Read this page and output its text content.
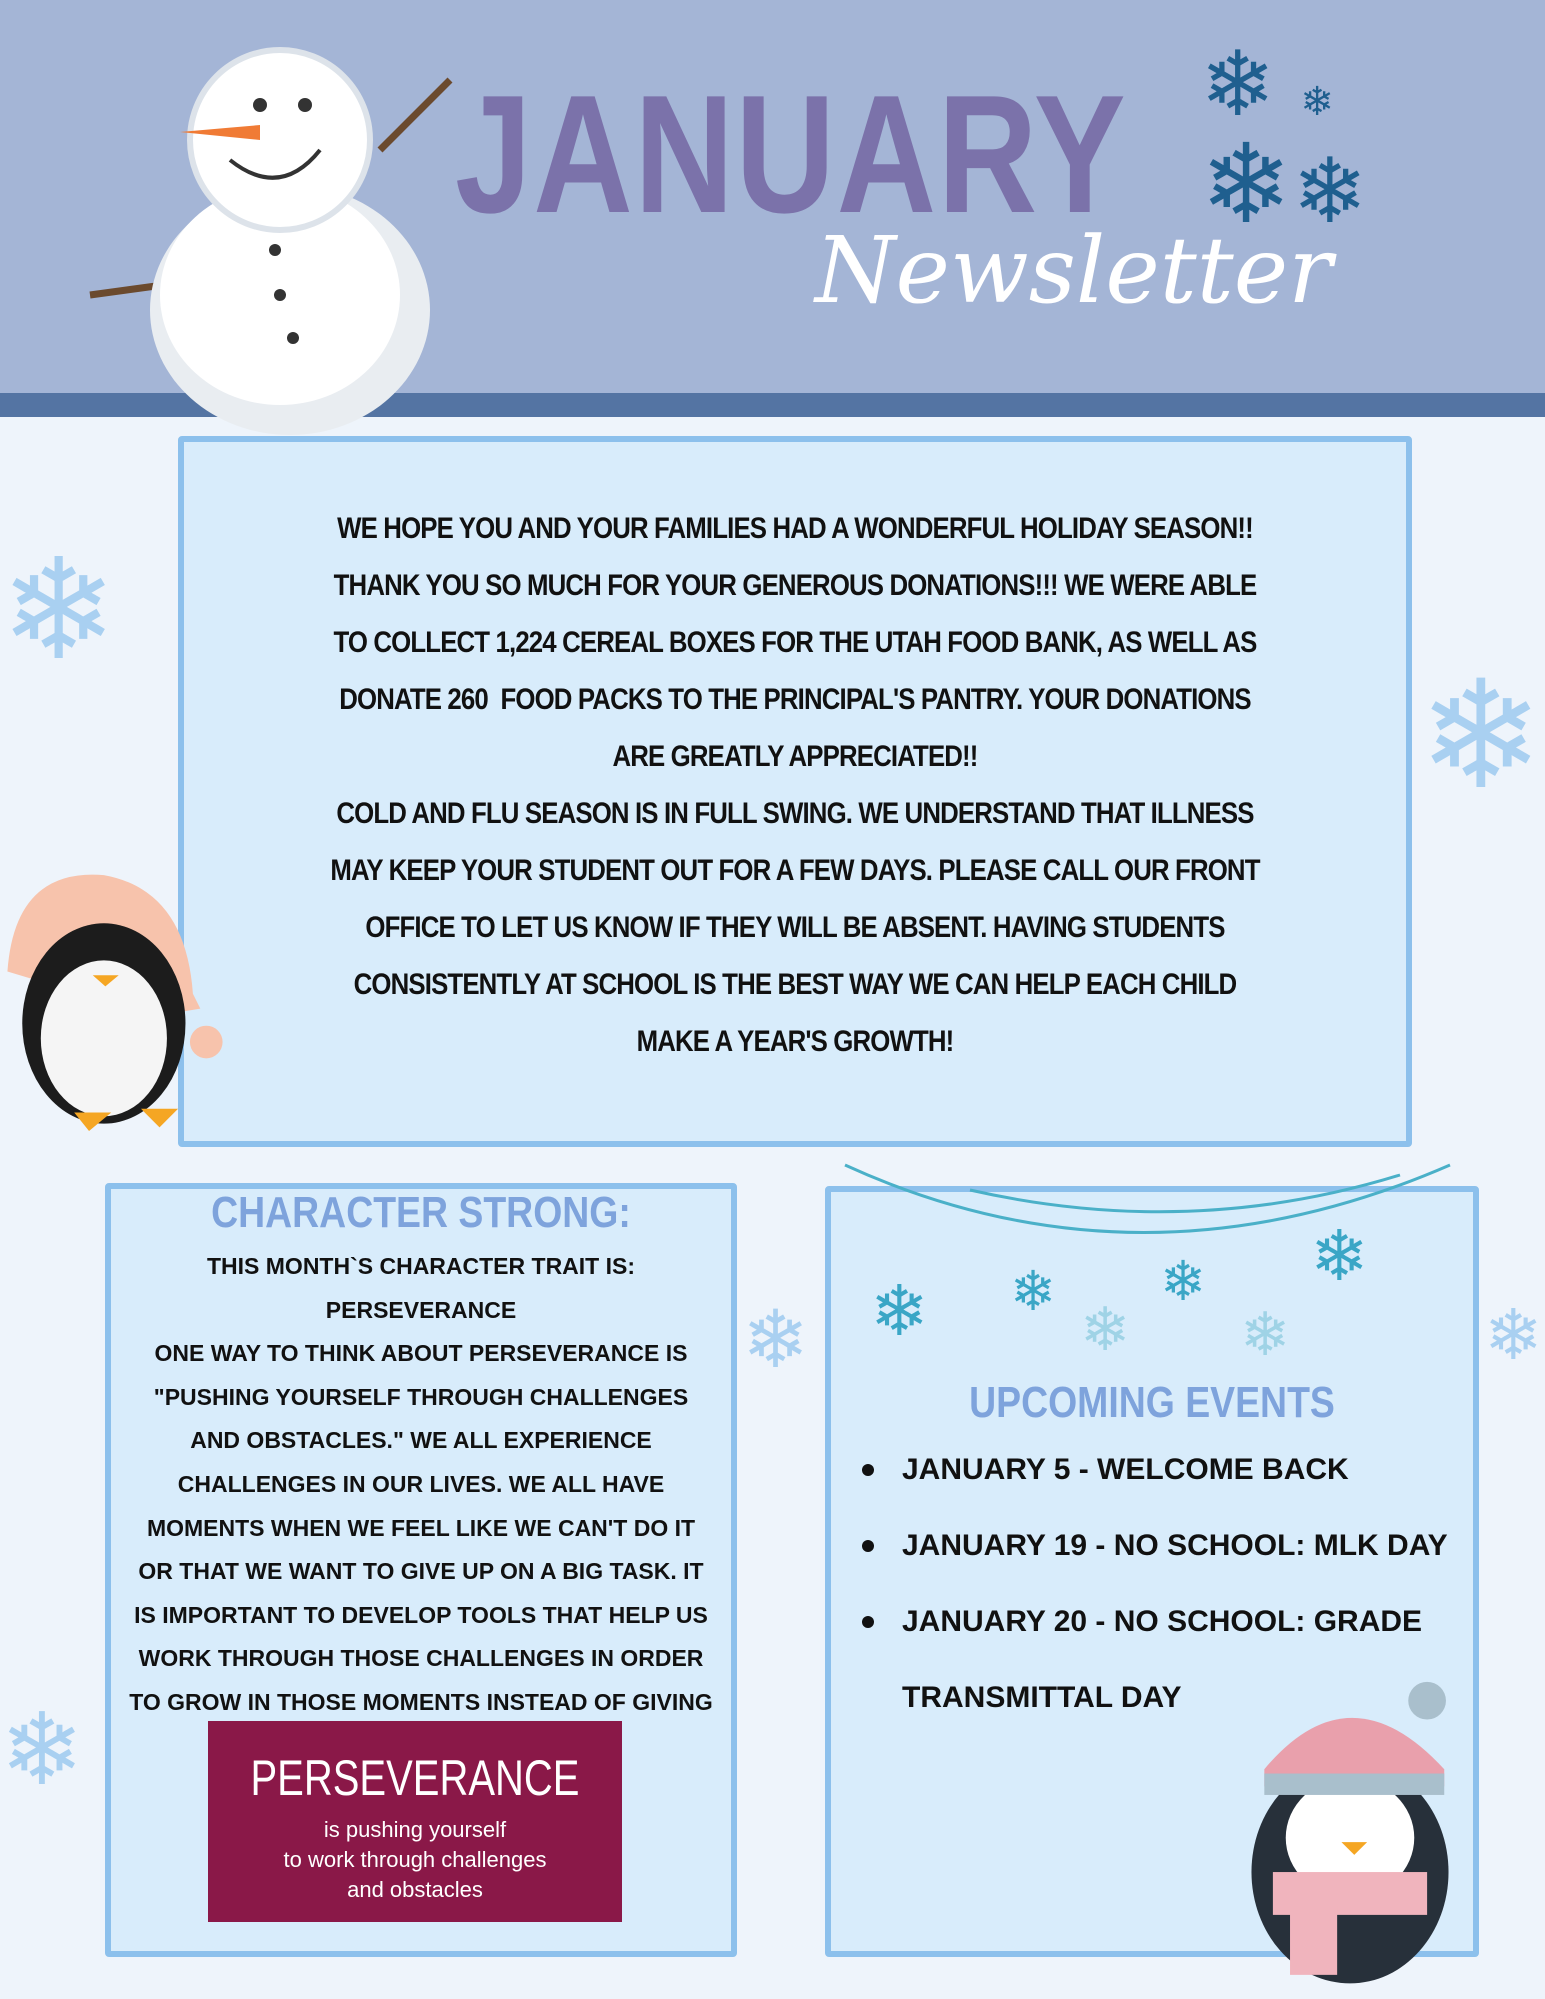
❄
❄
❄
❄	❄
JANUARY
Newsletter
❄ ❄
❄❄
WE HOPE YOU AND YOUR FAMILIES HAD A WONDERFUL HOLIDAY SEASON!!
THANK YOU SO MUCH FOR YOUR GENEROUS DONATIONS!!! WE WERE ABLE
TO COLLECT 1,224 CEREAL BOXES FOR THE UTAH FOOD BANK, AS WELL AS
DONATE 260  FOOD PACKS TO THE PRINCIPAL'S PANTRY. YOUR DONATIONS
ARE GREATLY APPRECIATED!!
COLD AND FLU SEASON IS IN FULL SWING. WE UNDERSTAND THAT ILLNESS
MAY KEEP YOUR STUDENT OUT FOR A FEW DAYS. PLEASE CALL OUR FRONT
OFFICE TO LET US KNOW IF THEY WILL BE ABSENT. HAVING STUDENTS
CONSISTENTLY AT SCHOOL IS THE BEST WAY WE CAN HELP EACH CHILD
MAKE A YEAR'S GROWTH!
CHARACTER STRONG:
THIS MONTH`S CHARACTER TRAIT IS:
PERSEVERANCE
ONE WAY TO THINK ABOUT PERSEVERANCE IS
"PUSHING YOURSELF THROUGH CHALLENGES
AND OBSTACLES." WE ALL EXPERIENCE
CHALLENGES IN OUR LIVES. WE ALL HAVE
MOMENTS WHEN WE FEEL LIKE WE CAN'T DO IT
OR THAT WE WANT TO GIVE UP ON A BIG TASK. IT
IS IMPORTANT TO DEVELOP TOOLS THAT HELP US
WORK THROUGH THOSE CHALLENGES IN ORDER
TO GROW IN THOSE MOMENTS INSTEAD OF GIVING
PERSEVERANCE
is pushing yourself
to work through challenges
and obstacles
❄ ❄ ❄ ❄
❄ ❄
UPCOMING EVENTS
JANUARY 5 - WELCOME BACK
JANUARY 19 - NO SCHOOL: MLK DAY
JANUARY 20 - NO SCHOOL: GRADE TRANSMITTAL DAY
